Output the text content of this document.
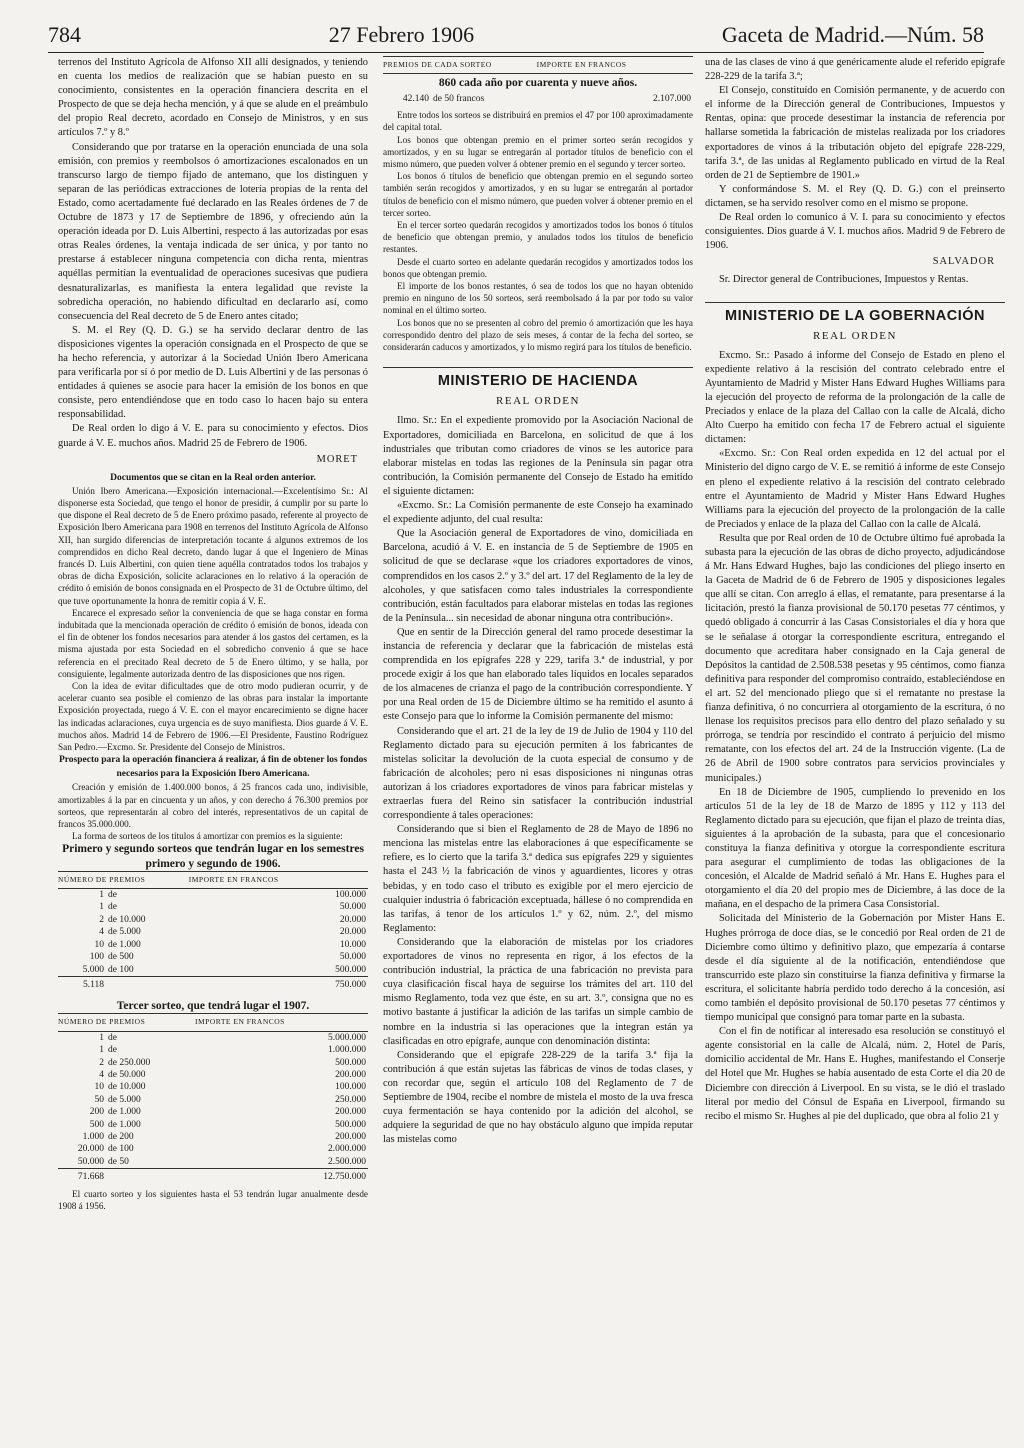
784	27 Febrero 1906	Gaceta de Madrid.—Núm. 58

terrenos del Instituto Agrícola de Alfonso XII allí designados, y teniendo en cuenta los medios de realización que se habían puesto en su conocimiento, consistentes en la operación financiera descrita en el Prospecto de que se deja hecha mención, y á que se alude en el preámbulo del propio Real decreto, acordado en Consejo de Ministros, y en sus artículos 7.º y 8.º

Considerando que por tratarse en la operación enunciada de una sola emisión, con premios y reembolsos ó amortizaciones escalonados en un transcurso largo de tiempo fijado de antemano, que los distinguen y separan de las periódicas extracciones de lotería propias de la renta del Estado, como acertadamente fué declarado en las Reales órdenes de 7 de Octubre de 1873 y 17 de Septiembre de 1896, y ofreciendo aún la operación ideada por D. Luis Albertini, respecto á las autorizadas por esas otras Reales órdenes, la ventaja indicada de ser única, y por tanto no prestarse á establecer ninguna competencia con dicha renta, mientras aquéllas permitían la eventualidad de operaciones sucesivas que pudiera desnaturalizarlas, es manifiesta la entera legalidad que reviste la sobredicha operación, no habiendo dificultad en declararlo así, como consecuencia del Real decreto de 5 de Enero antes citado;

S. M. el Rey (Q. D. G.) se ha servido declarar dentro de las disposiciones vigentes la operación consignada en el Prospecto de que se ha hecho referencia, y autorizar á la Sociedad Unión Ibero Americana para verificarla por sí ó por medio de D. Luis Albertini y de las personas ó entidades á quienes se asocie para hacer la emisión de los bonos en que consiste, pero entendiéndose que en todo caso lo hacen bajo su entera responsabilidad.

De Real orden lo digo á V. E. para su conocimiento y efectos. Dios guarde á V. E. muchos años. Madrid 25 de Febrero de 1906.

MORET

Documentos que se citan en la Real orden anterior.

Unión Ibero Americana.—Exposición internacional.—Excelentísimo Sr.: Al disponerse esta Sociedad, que tengo el honor de presidir, á cumplir por su parte lo que dispone el Real decreto de 5 de Enero próximo pasado, referente al proyecto de Exposición Ibero Americana para 1908 en terrenos del Instituto Agrícola de Alfonso XII, han surgido diferencias de interpretación tocante á algunos extremos de los comprendidos en dicho Real decreto, dando lugar á que el Ingeniero de Minas francés D. Luis Albertini, con quien tiene aquélla contratados todos los trabajos y obras de dicha Exposición, solicite aclaraciones en lo relativo á la operación de crédito ó emisión de bonos consignada en el Prospecto de 31 de Octubre último, del que tuve oportunamente la honra de remitir copia á V. E.

Encarece el expresado señor la conveniencia de que se haga constar en forma indubitada que la mencionada operación de crédito ó emisión de bonos, ideada con el fin de obtener los fondos necesarios para atender á los gastos del certamen, es la misma ajustada por esta Sociedad en el sobredicho convenio á que se hace referencia en el precitado Real decreto de 5 de Enero último, y se halla, por consiguiente, legalmente autorizada dentro de las disposiciones que nos rigen.

Con la idea de evitar dificultades que de otro modo pudieran ocurrir, y de acelerar cuanto sea posible el comienzo de las obras para instalar la importante Exposición proyectada, ruego á V. E. con el mayor encarecimiento se digne hacer las indicadas aclaraciones, cuya urgencia es de suyo manifiesta. Dios guarde á V. E. muchos años. Madrid 14 de Febrero de 1906.—El Presidente, Faustino Rodríguez San Pedro.—Excmo. Sr. Presidente del Consejo de Ministros.

Prospecto para la operación financiera á realizar, á fin de obtener los fondos necesarios para la Exposición Ibero Americana.

Creación y emisión de 1.400.000 bonos, á 25 francos cada uno, indivisible, amortizables á la par en cincuenta y un años, y con derecho á 76.300 premios por sorteos, que representarán al cobro del interés, representativos de un capital de francos 35.000.000.

La forma de sorteos de los títulos á amortizar con premios es la siguiente:

Primero y segundo sorteos que tendrán lugar en los semestres primero y segundo de 1906.

NÚMERO DE PREMIOS		IMPORTE EN FRANCOS
1	de	100.000
1	de	50.000
2	de 10.000	20.000
4	de 5.000	20.000
10	de 1.000	10.000
100	de 500	50.000
5.000	de 100	500.000
5.118		750.000

Tercer sorteo, que tendrá lugar el 1907.

NÚMERO DE PREMIOS		IMPORTE EN FRANCOS
1	de	5.000.000
1	de	1.000.000
2	de 250.000	500.000
4	de 50.000	200.000
10	de 10.000	100.000
50	de 5.000	250.000
200	de 1.000	200.000
500	de 1.000	500.000
1.000	de 200	200.000
20.000	de 100	2.000.000
50.000	de 50	2.500.000
71.668		12.750.000

El cuarto sorteo y los siguientes hasta el 53 tendrán lugar anualmente desde 1908 á 1956.

PREMIOS DE CADA SORTEO		IMPORTE EN FRANCOS
860 cada año por cuarenta y nueve años.		
42.140	de 50 francos	2.107.000

Entre todos los sorteos se distribuirá en premios el 47 por 100 aproximadamente del capital total.

Los bonos que obtengan premio en el primer sorteo serán recogidos y amortizados, y en su lugar se entregarán al portador títulos de beneficio con el mismo número, que pueden volver á obtener premio en el segundo y tercer sorteo.

Los bonos ó títulos de beneficio que obtengan premio en el segundo sorteo también serán recogidos y amortizados, y en su lugar se entregarán al portador títulos de beneficio con el mismo número, que pueden volver á obtener premio en el tercer sorteo.

En el tercer sorteo quedarán recogidos y amortizados todos los bonos ó títulos de beneficio que obtengan premio, y anulados todos los títulos de beneficio restantes.

Desde el cuarto sorteo en adelante quedarán recogidos y amortizados todos los bonos que obtengan premio.

El importe de los bonos restantes, ó sea de todos los que no hayan obtenido premio en ninguno de los 50 sorteos, será reembolsado á la par por todo su valor nominal en el último sorteo.

Los bonos que no se presenten al cobro del premio ó amortización que les haya correspondido dentro del plazo de seis meses, á contar de la fecha del sorteo, se considerarán caducos y amortizados, y lo mismo regirá para los títulos de beneficio.

MINISTERIO DE HACIENDA
REAL ORDEN

Ilmo. Sr.: En el expediente promovido por la Asociación Nacional de Exportadores, domiciliada en Barcelona, en solicitud de que á los industriales que tributan como criadores de vinos se les autorice para elaborar mistelas en todas las regiones de la Península sin pagar otra contribución, la Comisión permanente del Consejo de Estado ha emitido el siguiente dictamen:

«Excmo. Sr.: La Comisión permanente de este Consejo ha examinado el expediente adjunto, del cual resulta:

Que la Asociación general de Exportadores de vino, domiciliada en Barcelona, acudió á V. E. en instancia de 5 de Septiembre de 1905 en solicitud de que se declarase «que los criadores exportadores de vinos, comprendidos en los casos 2.º y 3.º del art. 17 del Reglamento de la ley de alcoholes, y que satisfacen como tales industriales la correspondiente contribución, están facultados para elaborar mistelas en todas las regiones de la Península... sin necesidad de abonar ninguna otra contribución».

Que en sentir de la Dirección general del ramo procede desestimar la instancia de referencia y declarar que la fabricación de mistelas está comprendida en los epígrafes 228 y 229, tarifa 3.ª de industrial, y por procede exigir á los que han elaborado tales líquidos en locales separados de los almacenes de crianza el pago de la contribución correspondiente. Y por una Real orden de 15 de Diciembre último se ha remitido el asunto á este Consejo para que lo informe la Comisión permanente del mismo:

Considerando que el art. 21 de la ley de 19 de Julio de 1904 y 110 del Reglamento dictado para su ejecución permiten á los fabricantes de mistelas solicitar la devolución de la cuota especial de consumo y de fabricación de alcoholes; pero ni esas disposiciones ni ningunas otras autorizan á los criadores exportadores de vinos para fabricar mistelas y extraerlas fuera del Reino sin satisfacer la contribución industrial correspondiente á tales operaciones:

Considerando que si bien el Reglamento de 28 de Mayo de 1896 no menciona las mistelas entre las elaboraciones á que específicamente se refiere, es lo cierto que la tarifa 3.ª dedica sus epígrafes 229 y siguientes hasta el 243 ½ la fabricación de vinos y aguardientes, licores y otras bebidas, y en todo caso el tributo es exigible por el mero ejercicio de cualquier industria ó fabricación exceptuada, hállese ó no comprendida en las tarifas, á tenor de los artículos 1.º y 62, núm. 2.º, del mismo Reglamento:

Considerando que la elaboración de mistelas por los criadores exportadores de vinos no representa en rigor, á los efectos de la contribución industrial, la práctica de una fabricación no prevista para cuya clasificación fiscal haya de seguirse los trámites del art. 110 del mismo Reglamento, toda vez que éste, en su art. 3.º, consigna que no es motivo bastante á justificar la adición de las tarifas un simple cambio de nombre en la industria si las operaciones que la integran están ya clasificadas en otro epígrafe, aunque con denominación distinta:

Considerando que el epígrafe 228-229 de la tarifa 3.ª fija la contribución á que están sujetas las fábricas de vinos de todas clases, y con recordar que, según el artículo 108 del Reglamento de 7 de Septiembre de 1904, recibe el nombre de mistela el mosto de la uva fresca cuya fermentación se haya contenido por la adición del alcohol, se adquiere la seguridad de que no hay obstáculo alguno que impida reputar las mistelas como

una de las clases de vino á que genéricamente alude el referido epígrafe 228-229 de la tarifa 3.ª;

El Consejo, constituído en Comisión permanente, y de acuerdo con el informe de la Dirección general de Contribuciones, Impuestos y Rentas, opina: que procede desestimar la instancia de referencia por hallarse sometida la fabricación de mistelas realizada por los criadores exportadores de vinos á la tributación objeto del epígrafe 228-229, tarifa 3.ª, de las unidas al Reglamento publicado en virtud de la Real orden de 21 de Septiembre de 1901.»

Y conformándose S. M. el Rey (Q. D. G.) con el preinserto dictamen, se ha servido resolver como en el mismo se propone.

De Real orden lo comunico á V. I. para su conocimiento y efectos consiguientes. Dios guarde á V. I. muchos años. Madrid 9 de Febrero de 1906.

SALVADOR

Sr. Director general de Contribuciones, Impuestos y Rentas.

MINISTERIO DE LA GOBERNACIÓN
REAL ORDEN

Excmo. Sr.: Pasado á informe del Consejo de Estado en pleno el expediente relativo á la rescisión del contrato celebrado entre el Ayuntamiento de Madrid y Mister Hans Edward Hughes Williams para la ejecución del proyecto de reforma de la prolongación de la calle de Preciados y enlace de la plaza del Callao con la calle de Alcalá, dicho Alto Cuerpo ha emitido con fecha 17 de Febrero actual el siguiente dictamen:

«Excmo. Sr.: Con Real orden expedida en 12 del actual por el Ministerio del digno cargo de V. E. se remitió á informe de este Consejo en pleno el expediente relativo á la rescisión del contrato celebrado entre el Ayuntamiento de Madrid y Mister Hans Edward Hughes Williams para la ejecución del proyecto de la prolongación de la calle de Preciados y enlace de la plaza del Callao con la calle de Alcalá.

Resulta que por Real orden de 10 de Octubre último fué aprobada la subasta para la ejecución de las obras de dicho proyecto, adjudicándose á Mr. Hans Edward Hughes, bajo las condiciones del pliego inserto en la Gaceta de Madrid de 6 de Febrero de 1905 y disposiciones legales que allí se citan. Con arreglo á ellas, el rematante, para presentarse á la licitación, prestó la fianza provisional de 50.170 pesetas 77 céntimos, y quedó obligado á concurrir á las Casas Consistoriales el día y hora que se le señalase á otorgar la correspondiente escritura, entregando el documento que acreditara haber consignado en la Caja general de Depósitos la cantidad de 2.508.538 pesetas y 95 céntimos, como fianza definitiva para responder del compromiso contraído, estableciéndose en el art. 52 del mencionado pliego que si el rematante no prestase la fianza definitiva, ó no concurriera al otorgamiento de la escritura, ó no llenase los requisitos precisos para ello dentro del plazo señalado y su prórroga, se tendría por rescindido el contrato á perjuicio del mismo rematante, con los efectos del art. 24 de la Instrucción vigente. (La de 26 de Abril de 1900 sobre contratos para servicios provinciales y municipales.)

En 18 de Diciembre de 1905, cumpliendo lo prevenido en los artículos 51 de la ley de 18 de Marzo de 1895 y 112 y 113 del Reglamento dictado para su ejecución, que fijan el plazo de treinta días, siguientes á la aprobación de la subasta, para que el concesionario constituya la fianza definitiva y otorgue la correspondiente escritura para asegurar el cumplimiento de todas las obligaciones de la concesión, el Alcalde de Madrid señaló á Mr. Hans E. Hughes para el otorgamiento el día 20 del propio mes de Diciembre, á las doce de la mañana, en el despacho de la primera Casa Consistorial.

Solicitada del Ministerio de la Gobernación por Mister Hans E. Hughes prórroga de doce días, se le concedió por Real orden de 21 de Diciembre como último y definitivo plazo, que empezaría á contarse desde el día siguiente al de la notificación, entendiéndose que transcurrido este plazo sin constituirse la fianza definitiva y firmarse la escritura, el solicitante habría perdido todo derecho á la concesión, así como también el depósito provisional de 50.170 pesetas 77 céntimos y tiempo municipal que consignó para tomar parte en la subasta.

Con el fin de notificar al interesado esa resolución se constituyó el agente consistorial en la calle de Alcalá, núm. 2, Hotel de París, domicilio accidental de Mr. Hans E. Hughes, manifestando el Conserje del Hotel que Mr. Hughes se había ausentado de esta Corte el día 20 de Diciembre con dirección á Liverpool. En su vista, se le dió el traslado literal por medio del Cónsul de España en Liverpool, firmando su recibo el mismo Sr. Hughes al pie del duplicado, que obra al folio 21 y
